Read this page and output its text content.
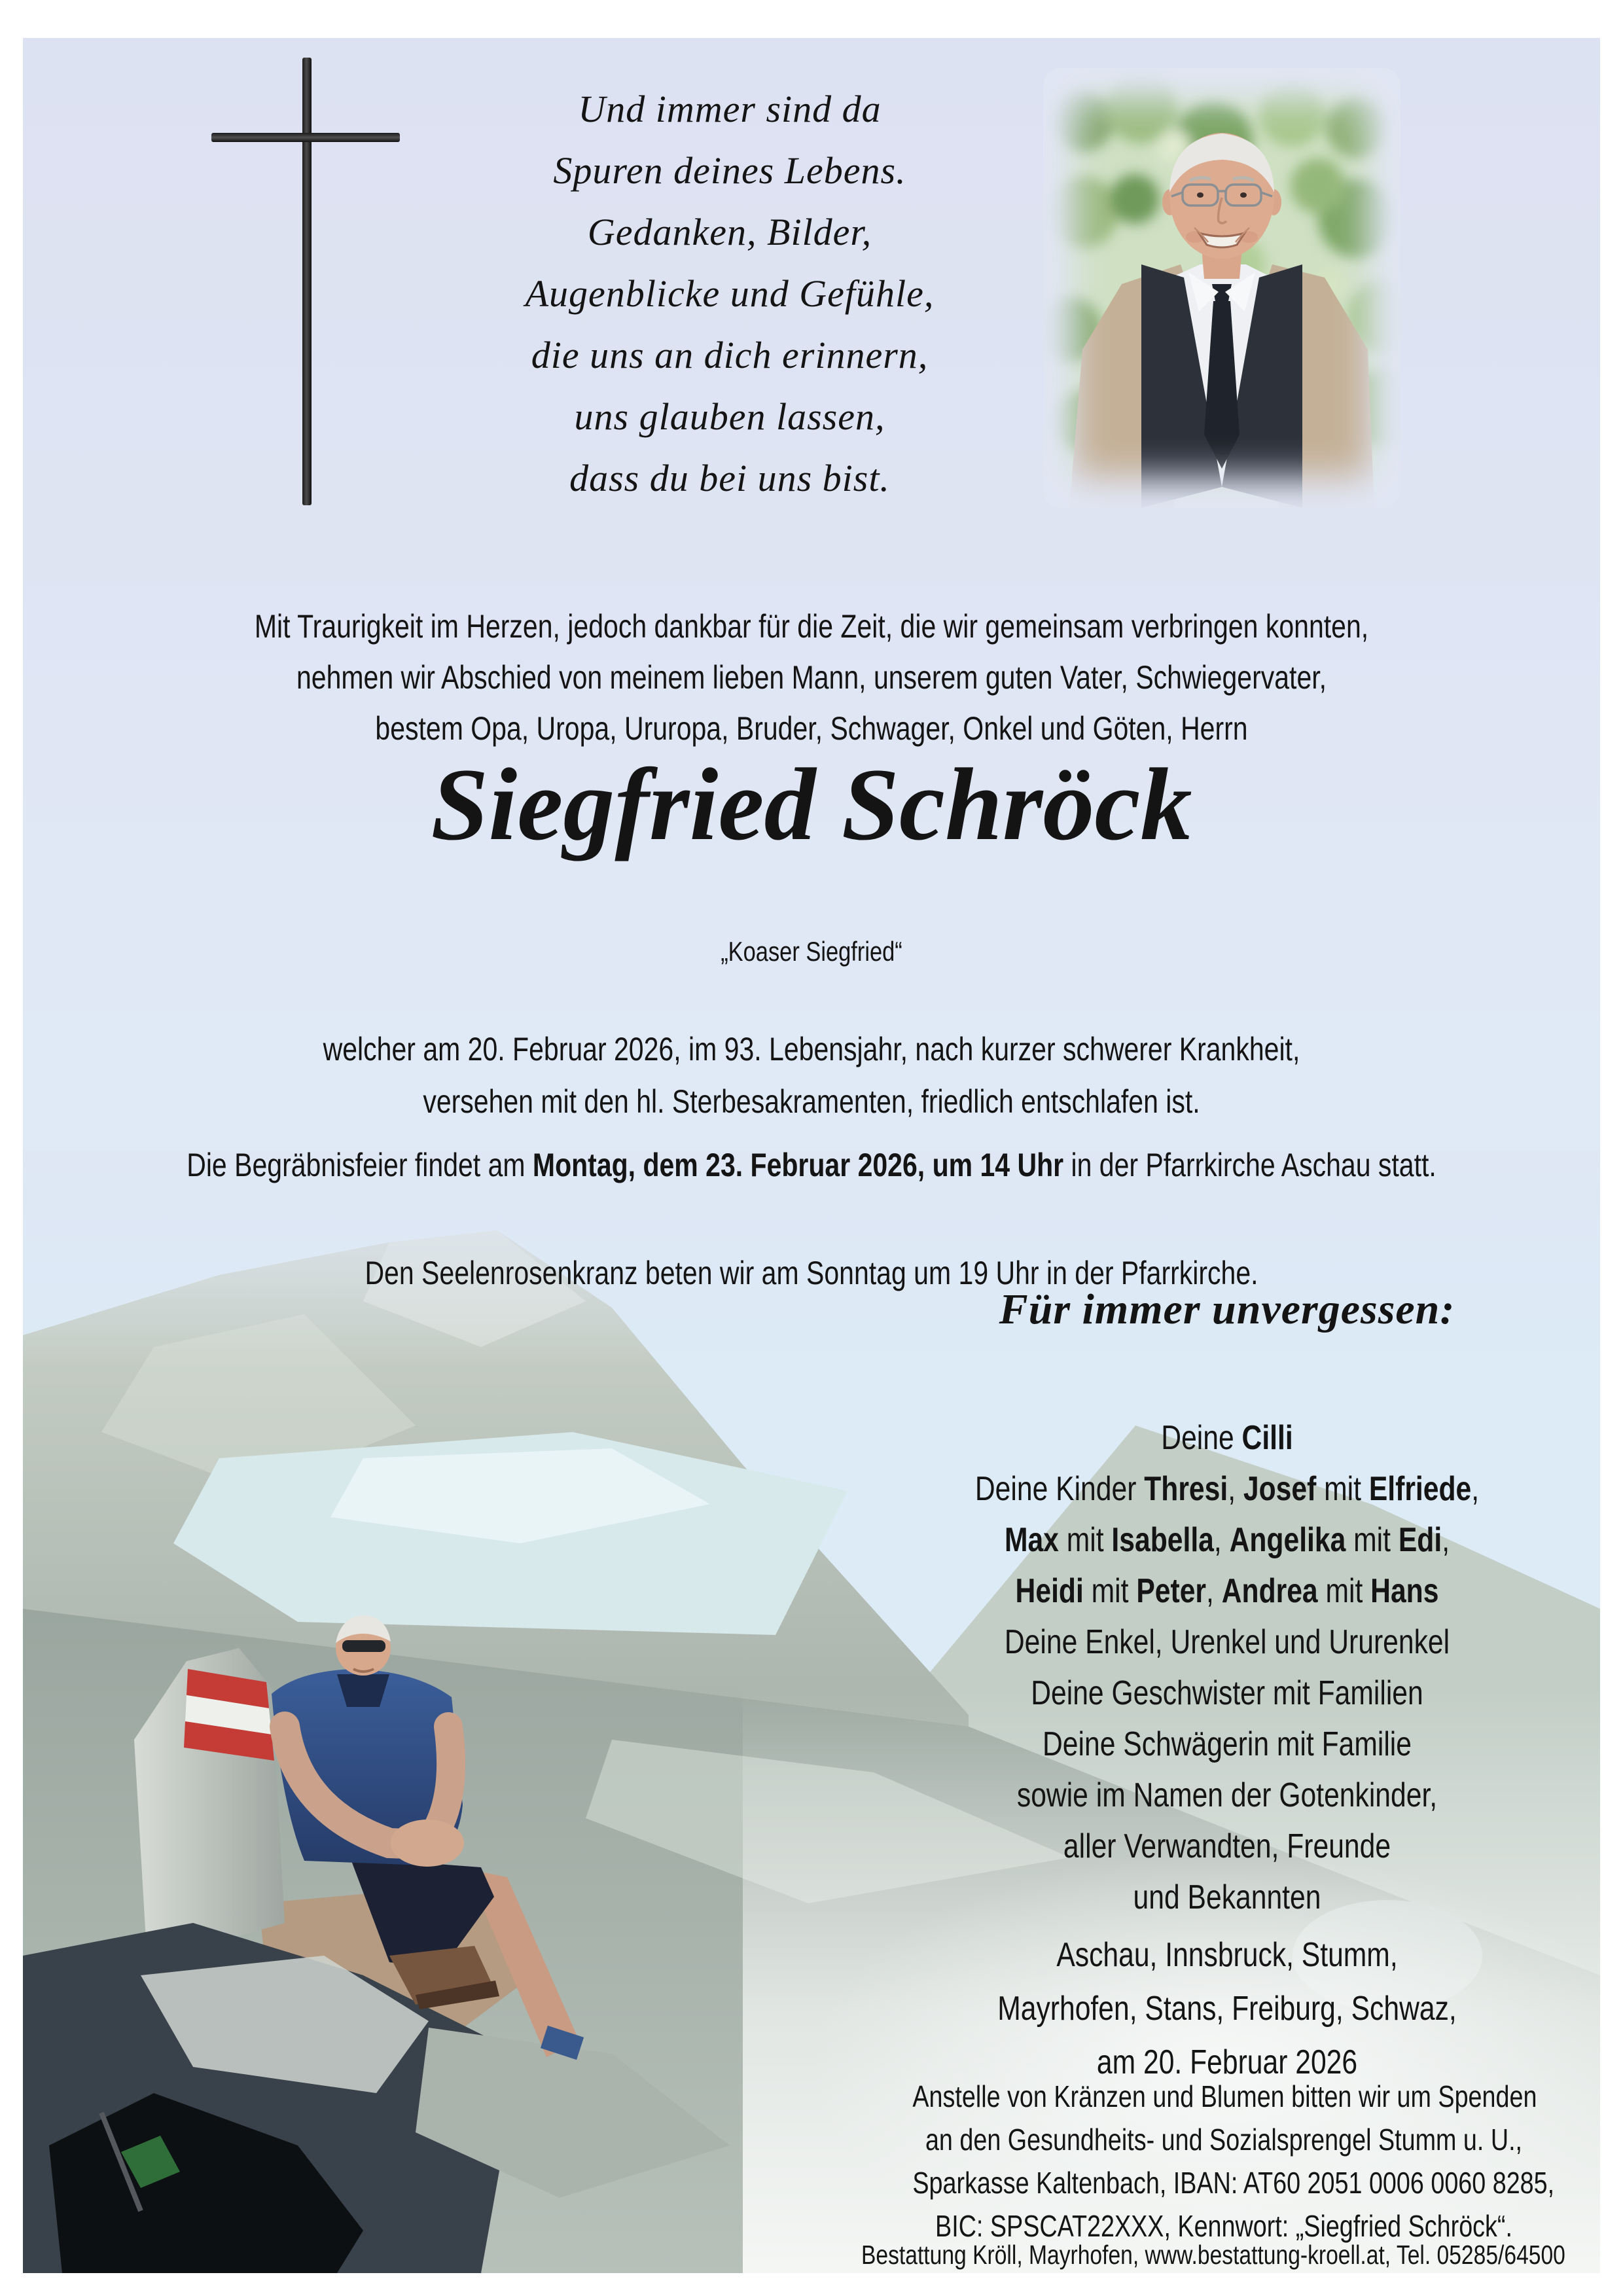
Und immer sind da
Spuren deines Lebens.
Gedanken, Bilder,
Augenblicke und Gefühle,
die uns an dich erinnern,
uns glauben lassen,
dass du bei uns bist.
Mit Traurigkeit im Herzen, jedoch dankbar für die Zeit, die wir gemeinsam verbringen konnten,
nehmen wir Abschied von meinem lieben Mann, unserem guten Vater, Schwiegervater,
bestem Opa, Uropa, Ururopa, Bruder, Schwager, Onkel und Göten, Herrn
Siegfried Schröck
„Koaser Siegfried“
welcher am 20. Februar 2026, im 93. Lebensjahr, nach kurzer schwerer Krankheit,
versehen mit den hl. Sterbesakramenten, friedlich entschlafen ist.
Die Begräbnisfeier findet am Montag, dem 23. Februar 2026, um 14 Uhr in der Pfarrkirche Aschau statt.
Den Seelenrosenkranz beten wir am Sonntag um 19 Uhr in der Pfarrkirche.
Für immer unvergessen:
Deine Cilli
Deine Kinder Thresi, Josef mit Elfriede,
Max mit Isabella, Angelika mit Edi,
Heidi mit Peter, Andrea mit Hans
Deine Enkel, Urenkel und Ururenkel
Deine Geschwister mit Familien
Deine Schwägerin mit Familie
sowie im Namen der Gotenkinder,
aller Verwandten, Freunde
und Bekannten
Aschau, Innsbruck, Stumm,
Mayrhofen, Stans, Freiburg, Schwaz,
am 20. Februar 2026
Anstelle von Kränzen und Blumen bitten wir um Spenden
an den Gesundheits- und Sozialsprengel Stumm u. U.,
Sparkasse Kaltenbach, IBAN: AT60 2051 0006 0060 8285,
BIC: SPSCAT22XXX, Kennwort: „Siegfried Schröck“.
Bestattung Kröll, Mayrhofen, www.bestattung-kroell.at, Tel. 05285/64500
